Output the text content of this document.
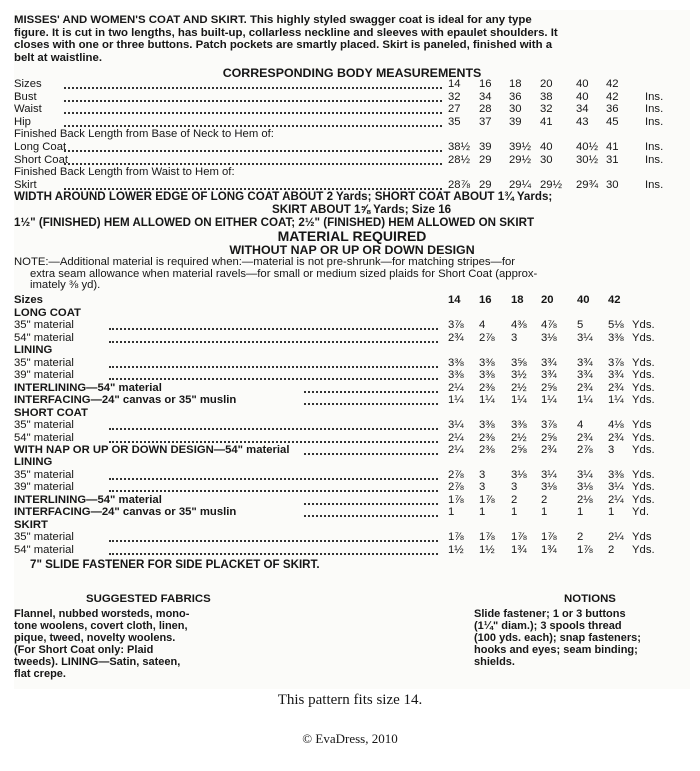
MISSES' AND WOMEN'S COAT AND SKIRT. This highly styled swagger coat is ideal for any type
figure. It is cut in two lengths, has built-up, collarless neckline and sleeves with epaulet shoulders. It
closes with one or three buttons. Patch pockets are smartly placed. Skirt is paneled, finished with a
belt at waistline.
CORRESPONDING BODY MEASUREMENTS
Sizes	14 16 18 20 40 42
Bust	32 34 36 38 40 42 Ins.
Waist	27 28 30 32 34 36 Ins.
Hip	35 37 39 41 43 45 Ins.
Finished Back Length from Base of Neck to Hem of:
Long Coat	38½ 39 39½ 40 40½ 41 Ins.
Short Coat	28½ 29 29½ 30 30½ 31 Ins.
Finished Back Length from Waist to Hem of:
Skirt	28⅞ 29 29¼ 29½ 29¾ 30 Ins.
WIDTH AROUND LOWER EDGE OF LONG COAT ABOUT 2 Yards; SHORT COAT ABOUT 1¾ Yards;
SKIRT ABOUT 1⅝ Yards; Size 16
1½" (FINISHED) HEM ALLOWED ON EITHER COAT; 2½" (FINISHED) HEM ALLOWED ON SKIRT
MATERIAL REQUIRED
WITHOUT NAP OR UP OR DOWN DESIGN
NOTE:—Additional material is required when:—material is not pre-shrunk—for matching stripes—for
extra seam allowance when material ravels—for small or medium sized plaids for Short Coat (approx-
imately ⅜ yd).
Sizes	14 16 18 20 40 42
LONG COAT
35" material	3⅞ 4 4⅜ 4⅞ 5 5⅛ Yds.
54" material	2¾ 2⅞ 3 3⅛ 3¼ 3⅜ Yds.
LINING
35" material	3⅜ 3⅜ 3⅝ 3¾ 3¾ 3⅞ Yds.
39" material	3⅜ 3⅜ 3½ 3¾ 3¾ 3¾ Yds.
INTERLINING—54" material	2¼ 2⅜ 2½ 2⅝ 2¾ 2¾ Yds.
INTERFACING—24" canvas or 35" muslin	1¼ 1¼ 1¼ 1¼ 1¼ 1¼ Yds.
SHORT COAT
35" material	3¼ 3⅜ 3⅜ 3⅞ 4 4⅛ Yds
54" material	2¼ 2⅜ 2½ 2⅝ 2¾ 2¾ Yds.
WITH NAP OR UP OR DOWN DESIGN—54" material	2¼ 2⅜ 2⅝ 2¾ 2⅞ 3 Yds.
LINING
35" material	2⅞ 3 3⅛ 3¼ 3¼ 3⅜ Yds.
39" material	2⅞ 3 3 3⅛ 3⅛ 3¼ Yds.
INTERLINING—54" material	1⅞ 1⅞ 2 2	2⅛ 2¼ Yds.
INTERFACING—24" canvas or 35" muslin	1 1 1 1	1 1 Yd.
SKIRT
35" material	1⅞ 1⅞ 1⅞ 1⅞ 2 2¼ Yds
54" material	1½ 1½ 1¾ 1¾ 1⅞ 2 Yds.
7" SLIDE FASTENER FOR SIDE PLACKET OF SKIRT.
SUGGESTED FABRICS
Flannel, nubbed worsteds, mono-
tone woolens, covert cloth, linen,
pique, tweed, novelty woolens.
(For Short Coat only: Plaid
tweeds). LINING—Satin, sateen,
flat crepe.
NOTIONS
Slide fastener; 1 or 3 buttons
(1¼" diam.); 3 spools thread
(100 yds. each); snap fasteners;
hooks and eyes; seam binding;
shields.
This pattern fits size 14.
© EvaDress, 2010
